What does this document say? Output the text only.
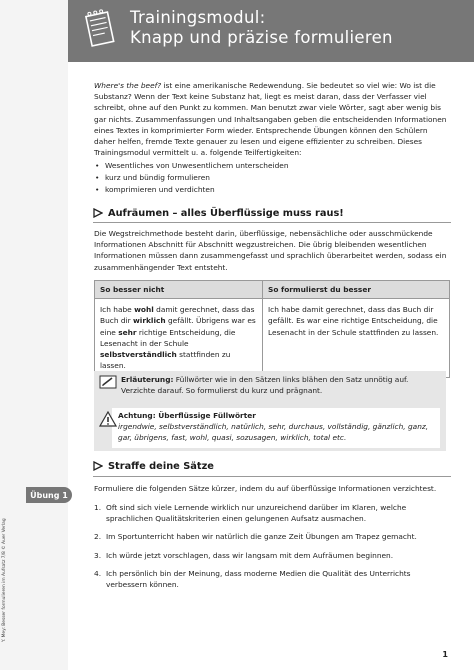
Trainingsmodul:
Knapp und präzise formulieren

Where's the beef? ist eine amerikanische Redewendung. Sie bedeutet so viel wie: Wo ist die Substanz? Wenn der Text keine Substanz hat, liegt es meist daran, dass der Verfasser viel schreibt, ohne auf den Punkt zu kommen. Man benutzt zwar viele Wörter, sagt aber wenig bis gar nichts. Zusammenfassungen und Inhaltsangaben geben die entscheidenden Informationen eines Textes in komprimierter Form wieder. Entsprechende Übungen können den Schülern daher helfen, fremde Texte genauer zu lesen und eigene effizienter zu schreiben. Dieses Trainingsmodul vermittelt u. a. folgende Teilfertigkeiten:

• Wesentliches von Unwesentlichem unterscheiden
• kurz und bündig formulieren
• komprimieren und verdichten
Aufräumen – alles Überflüssige muss raus!

Die Wegstreichmethode besteht darin, überflüssige, nebensächliche oder ausschmückende Informationen Abschnitt für Abschnitt wegzustreichen. Die übrig bleibenden wesentlichen Informationen müssen dann zusammengefasst und sprachlich überarbeitet werden, sodass ein zusammenhängender Text entsteht.

So besser nicht	So formulierst du besser
Ich habe wohl damit gerechnet, dass das Buch dir wirklich gefällt. Übrigens war es eine sehr richtige Entscheidung, die Lesenacht in der Schule selbstverständlich stattfinden zu lassen.	Ich habe damit gerechnet, dass das Buch dir gefällt. Es war eine richtige Entscheidung, die Lesenacht in der Schule stattfinden zu lassen.

Erläuterung: Füllwörter wie in den Sätzen links blähen den Satz unnötig auf. Verzichte darauf. So formulierst du kurz und prägnant.

Achtung: Überflüssige Füllwörter

irgendwie, selbstverständlich, natürlich, sehr, durchaus, vollständig, gänzlich, ganz, gar, übrigens, fast, wohl, quasi, sozusagen, wirklich, total etc.

Straffe deine Sätze
Übung 1

Formuliere die folgenden Sätze kürzer, indem du auf überflüssige Informationen verzichtest.

1. Oft sind sich viele Lernende wirklich nur unzureichend darüber im Klaren, welche sprachlichen Qualitätskriterien einen gelungenen Aufsatz ausmachen.
2. Im Sportunterricht haben wir natürlich die ganze Zeit Übungen am Trapez gemacht.
3. Ich würde jetzt vorschlagen, dass wir langsam mit dem Aufräumen beginnen.
4. Ich persönlich bin der Meinung, dass moderne Medien die Qualität des Unterrichts verbessern können.
Y. Mey: Besser formulieren im Aufsatz 7/8 © Auer Verlag
1
